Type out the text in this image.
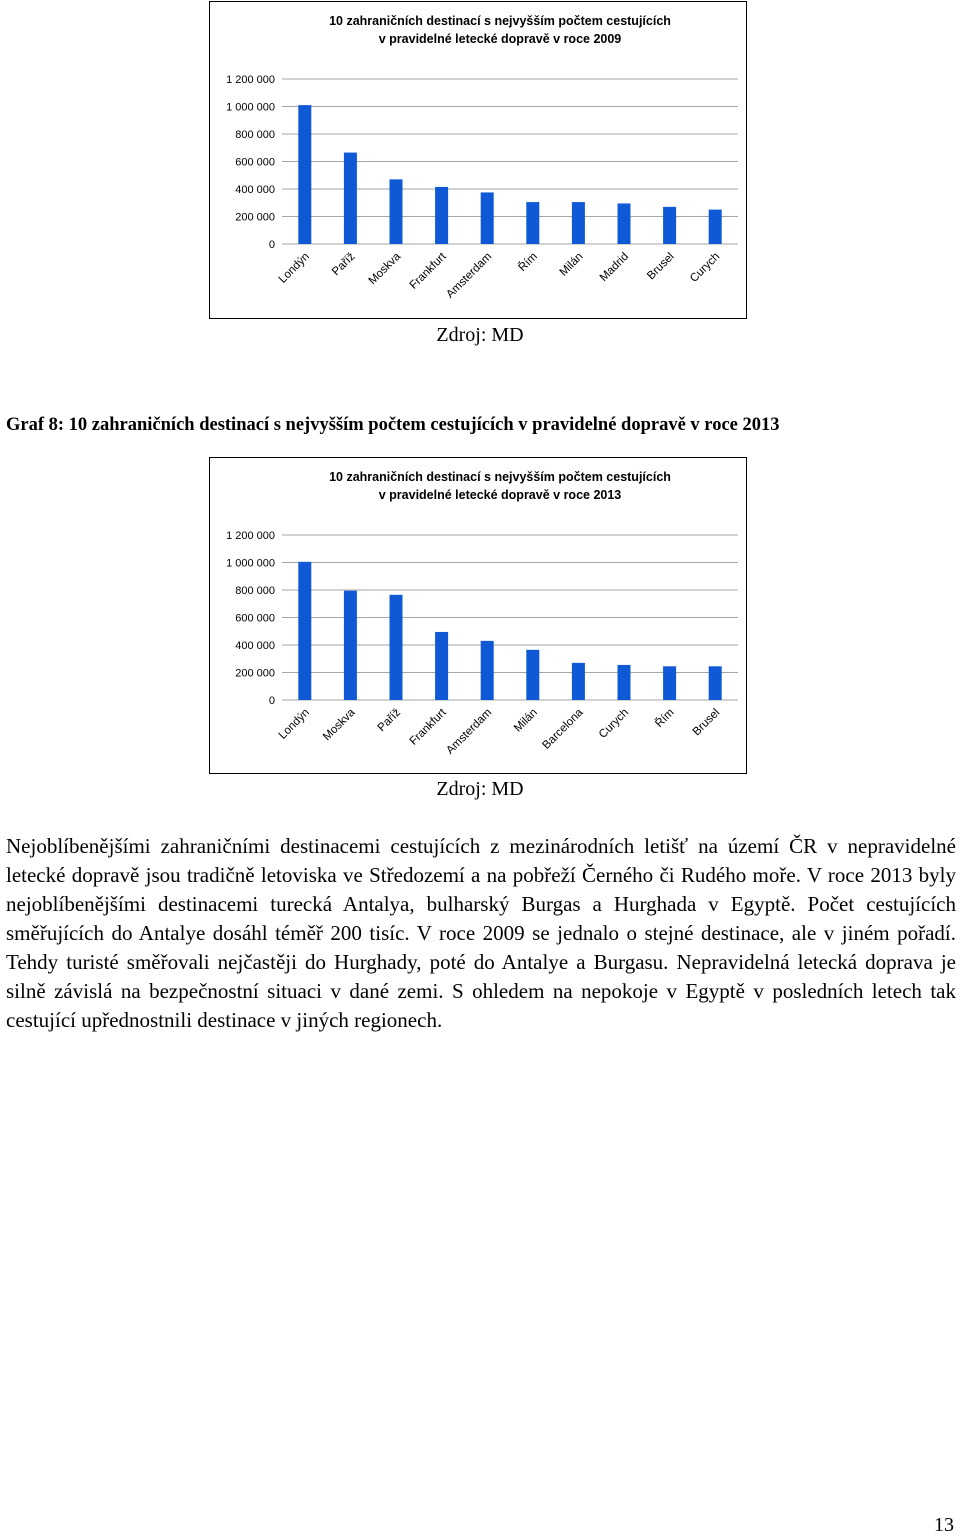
10 zahraničních destinací s nejvyšším počtem cestujících
v pravidelné letecké dopravě v roce 2009
0
200 000
400 000
600 000
800 000
1 000 000
1 200 000
Londýn Paříž Moskva Frankfurt
Amsterdam Řím Milán Madrid Brusel Curych
Zdroj: MD
Graf 8: 10 zahraničních destinací s nejvyšším počtem cestujících v pravidelné dopravě v roce 2013
10 zahraničních destinací s nejvyšším počtem cestujících
v pravidelné letecké dopravě v roce 2013
0
200 000
400 000
600 000
800 000
1 000 000
1 200 000
Londýn Moskva Paříž Frankfurt
Amsterdam Milán Barcelona Curych Řím Brusel
Zdroj: MD
Nejoblíbenějšími zahraničními destinacemi cestujících z mezinárodních letišť na území ČR v nepravidelné letecké dopravě jsou tradičně letoviska ve Středozemí a na pobřeží Černého či Rudého moře. V roce 2013 byly nejoblíbenějšími destinacemi turecká Antalya, bulharský Burgas a Hurghada v Egyptě. Počet cestujících směřujících do Antalye dosáhl téměř 200 tisíc. V roce 2009 se jednalo o stejné destinace, ale v jiném pořadí. Tehdy turisté směřovali nejčastěji do Hurghady, poté do Antalye a Burgasu. Nepravidelná letecká doprava je silně závislá na bezpečnostní situaci v dané zemi. S ohledem na nepokoje v Egyptě v posledních letech tak cestující upřednostnili destinace v jiných regionech.
13
